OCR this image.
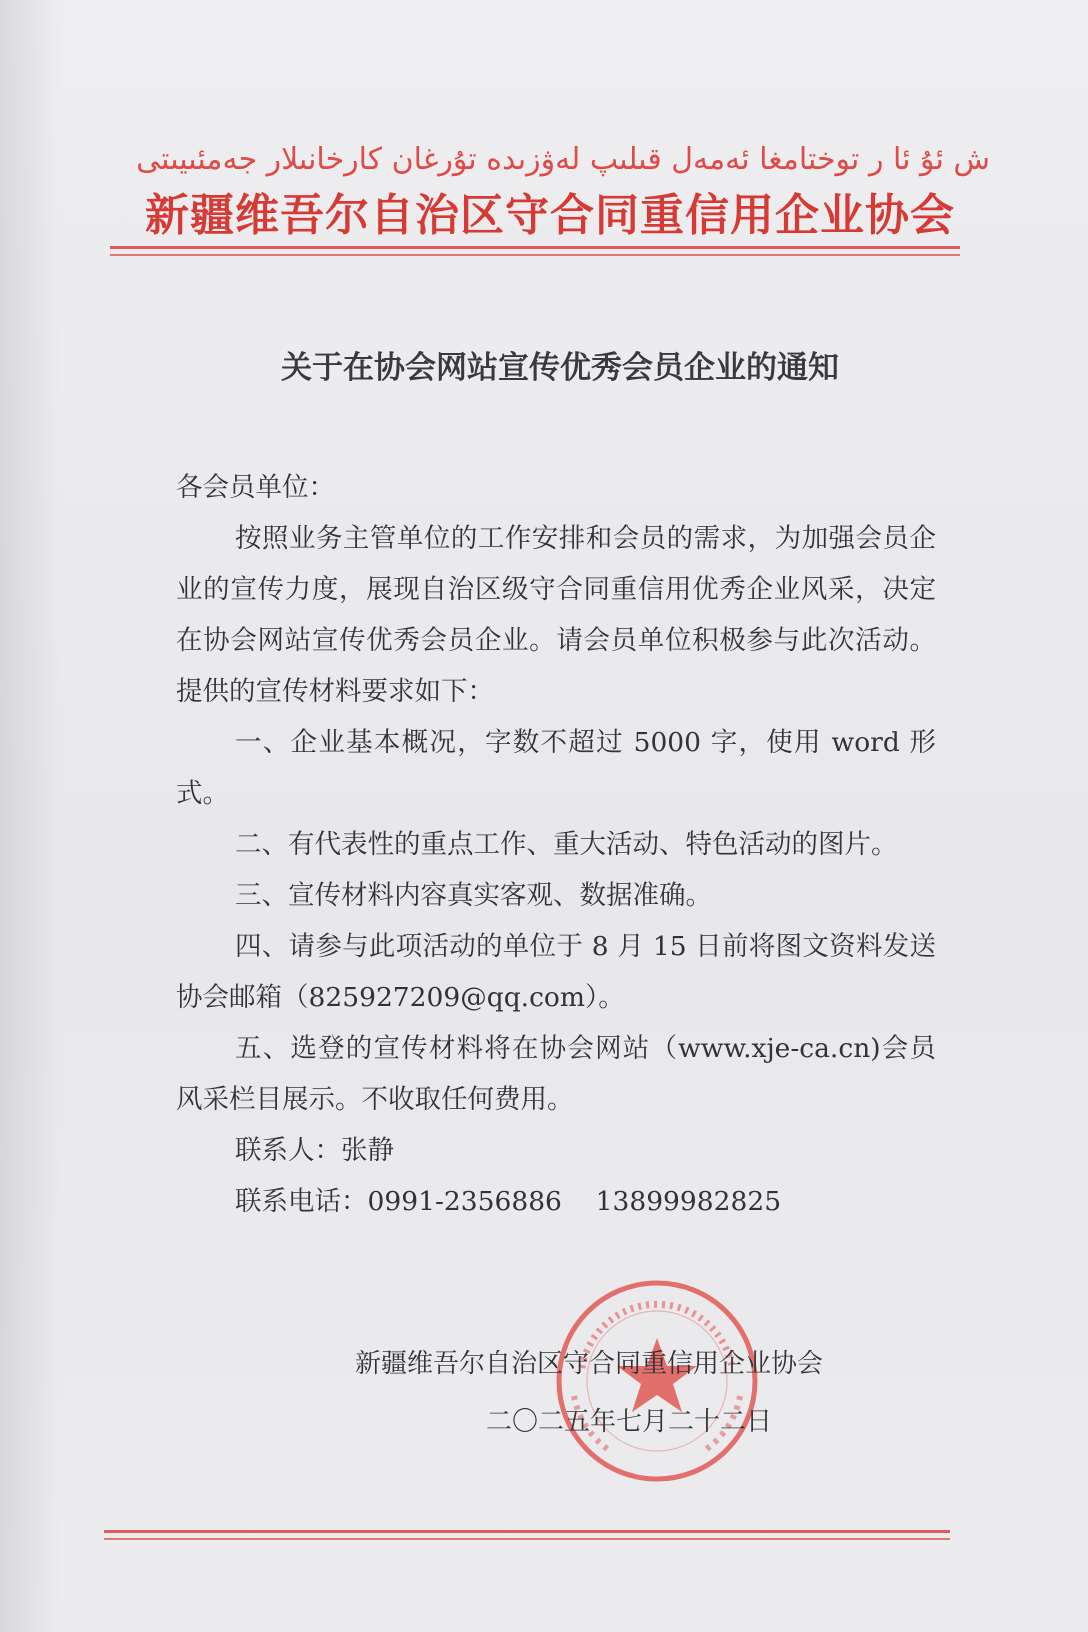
ش ئۇ ئا ر توختامغا ئەمەل قىلىپ لەۋزىدە تۇرغان كارخانىلار جەمئىيىتى
新疆维吾尔自治区守合同重信用企业协会
关于在协会网站宣传优秀会员企业的通知

各会员单位：

按照业务主管单位的工作安排和会员的需求，为加强会员企业的宣传力度，展现自治区级守合同重信用优秀企业风采，决定在协会网站宣传优秀会员企业。请会员单位积极参与此次活动。提供的宣传材料要求如下：

一、企业基本概况，字数不超过 5000 字，使用 word 形式。

二、有代表性的重点工作、重大活动、特色活动的图片。

三、宣传材料内容真实客观、数据准确。

四、请参与此项活动的单位于 8 月 15 日前将图文资料发送协会邮箱（825927209@qq.com）。

五、选登的宣传材料将在协会网站（www.xje-ca.cn)会员风采栏目展示。不收取任何费用。

联系人：张静

联系电话：0991-2356886    13899982825

新疆维吾尔自治区守合同重信用企业协会
二〇二五年七月二十二日
